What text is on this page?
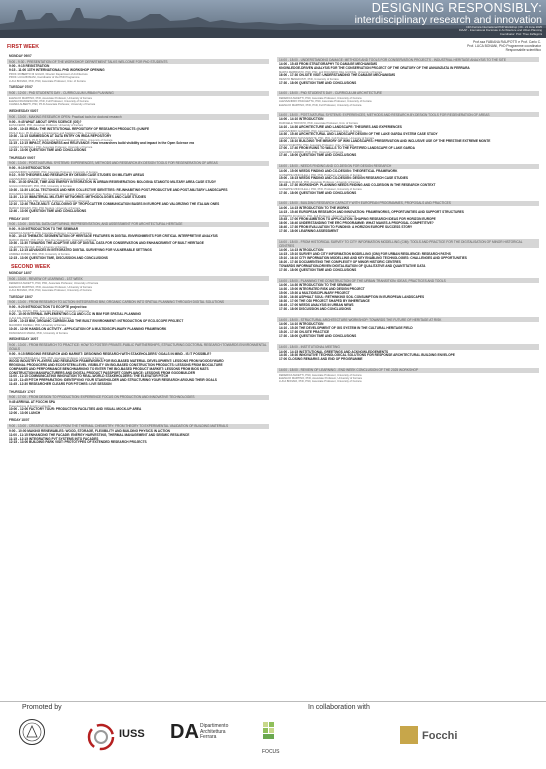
DESIGNING RESPONSIBLY:
interdisciplinary research and innovation
13th Ferrara International PhD Workshop | 09 - 21 June 2025
DIAAP - International Doctorate in Architecture and Urban Planning
Coordinator: Prof. Theo Zaffagnini
FIRST WEEK
Prof.ssa FABIANA RAUPOTTI e Prof. Carlo C.
Prof. LUCA BONANI, PhD Programme coordinator
Responsabile scientifico
MONDAY 09/07
9:00 - 9:30 - PRESENTATION OF THE WORKSHOP. DEPARTMENT TALKS WELCOME FOR PhD STUDENTS
9:00 - 9:15 REGISTRATION
9:15 - 11:00 13TH INTERNATIONAL PHD WORKSHOP OPENING
PROF. ROBERTO DI GIULIO, Director Department of Architecture
PROF. LUCA BONANI, Coordinator of the PhD Programme
LUCA BONANI, PhD, PhD, Associate Professor, Univ. of Ferrara
TUESDAY 07/07
9:00 - 12:00 - PhD STUDENTS DAY - CURRICULUM URBAN PLANNING
ELENA DI MARTINO, PhD, Associate Professor, University of Ferrara
ELENA FRANCESCONI, PhD, Full Professor, University of Ferrara
CHIARA ALBERTI, PhD, Ph.D Associate Professor, University of Ferrara
WEDNESDAY 08/07
9:00 - 13:00 - MAKING RESEARCH OPEN: Practical tools for doctoral research
9:00 - 9:45 WHAT ABOUT OPEN SCIENCE (OS)?
ELISA FERRI, PhD, Associate Professor, University of Ferrara
10:00 - 10:15 IRIDA: THE INSTITUTIONAL REPOSITORY OF RESEARCH PRODUCTS @UNIFE
PAOLO ELLI, Ph.D Library, Administration and Statistics Office, University of Ferrara
10:30 - 11:15 SUBMISSION AT DATA ENTRY ON IRIDA REPOSITORY
MARCO STURZA, Ph.D Scientific and Technical Research Office, University of Ferrara
11:15 - 12:15 IMPACT, ROUNDNESS and RELEVANCE: How researchers build visibility and impact in the Open Science era
CHIARA SCARPELLI, PhD, Associate Professor, University of Ferrara
12:15 - 13:00 QUESTION TIME AND CONCLUSIONS
THURSDAY 09/07
9:00 - 13:00 - POST-NATURAL SYSTEMS: EXPERIENCES, METHODS AND RESEARCH-BY-DESIGN TOOLS FOR REGENERATION OF AREAS
9:00 - 9:10 INTRODUCTION
ALESSANDRO GASPARI, PhD, Associate Professor, University of Ferrara
9:10 - 9:50 THEORIES AND RESEARCH BY DESIGN CASE STUDIES ON MILITARY AREAS
ALESSANDRO GASPARI, PhD, Associate Professor, University of Ferrara
9:50 - 10:30 SPACE, TIME AND ENERGY INTEGRATION IN URBAN REGENERATION: BOLOGNA STAMOTO MILITARY AREA CASE STUDY
GIULIA CORGNATI, PhD, PhD, University of Ferrara
10:30 - 11:30 LOCAL TECTONICS AND NEW COLLECTIVE IDENTITIES: RE-INHABITING POST-PRODUCTIVE AND POST-MILITARY LANDSCAPES
RICCARDO MANERI, PhD, Interuniversity Department of Regional and Urban Studies, Politecnico di Milano
11:30 - 12:10 IMMATERIAL MILITARY NETWORKS: METHODOLOGIES AND CASE STUDIES
ELENA GIROLAMI, PhD, Associate Professor, University of Ferrara
12:10 - 12:40 TRACE-MILIT: CATALOGING OF TROPOCATTER COMMUNICATION BASES IN EUROPE AND VALORIZING THE ITALIAN ONES
MARCO RAVAZZI, PhD, PhD Student, University of Ferrara
12:40 - 13:00 QUESTION TIME AND CONCLUSIONS
FRIDAY 10/07
9:00 - 13:00 - DIGITAL DATA CAPTURING, REPRESENTATION, AND ASSESSMENT FOR ARCHITECTURAL HERITAGE
9:00 - 9:30 INTRODUCTION TO THE SEMINAR
FEDERICA MAIETTI, PhD, Associate Professor, University of Ferrara
9:30 - 10:15 THEMATIC SEGMENTATION OF HERITAGE FEATURES IN DIGITAL ENVIRONMENTS FOR CRITICAL INTERPRETIVE ANALYSIS
MARCO MEDICI, PhD, Ph.D, Post-Doc Researcher, University of Ferrara
10:30 - 11:30 TOWARDS THE ADAPTIVE USE OF DIGITAL DATA FOR CONSERVATION AND ENHANCEMENT OF BUILT HERITAGE
VALENTINA ZECCHI, PhD, University of Ferrara
11:30 - 12:15 ADVANCES IN INTEGRATED DIGITAL SURVEYING FOR VULNERABLE SETTINGS
ANDREA RUSSO, PhD, PhD, University of Ferrara
12:15 - 13:00 QUESTION TIME, DISCUSSION AND CONCLUSIONS
SECOND WEEK
MONDAY 14/07
9:00 - 13:00 - REVIEW OF LEARNING - 1ST WEEK
FEDERICA MAIETTI, PhD, PhD, Associate Professor, University of Ferrara
ELENA DI MARTINO, PhD, Associate Professor, University of Ferrara
LUCA BONANI, PhD, PhD, Associate Professor, University of Ferrara
TUESDAY 15/07
9:00 - 13:00 - FROM RESEARCH TO ACTION: INTEGRATING BIM, ORGANIC CARBON INTO SPATIAL PLANNING THROUGH DIGITAL SOLUTIONS
9:00 - 9:20 INTRODUCTION TO ECOPTE project too
LUCA DAL PASTO, PhD, Associate Professor, University of Ferrara
9:20 - 10:00 INTERNAL IMPLEMENTING LCA AND LCC IN BIM FOR SPATIAL PLANNING
LUCA DAL PASTO, PhD, PhD, University of Ferrara
10:00 - 10:15 BIM, ORGANIC CARBON AND THE BUILT ENVIRONMENT: INTRODUCTION OF ECO-SCOPE PROJECT
MAURIZIO DANIELI, PhD, University of Ferrara
10:20 - 12:00 HANDS-ON ACTIVITY - APPLICATION OF A MULTIDISCIPLINARY PLANNING FRAMEWORK
FRANCESCO MARIA, PhD, University of Ferrara
WEDNESDAY 16/07
9:00 - 13:00 - FROM RESEARCH TO PRACTICE: HOW TO FOSTER PRIVATE-PUBLIC PARTNERSHIPS, STRUCTURING DOCTORAL RESEARCH TOWARDS ENVIRONMENTAL GOALS
9:00 - 9:15 BRIDGING RESEARCH AND MARKET: DESIGNING RESEARCH WITH STAKEHOLDERS' GOALS IN MIND - IS IT POSSIBLE?
GIUSEPPE MINCOLELLI, PhD, PhD, Associate Professor, University of Ferrara
WOOD INDUSTRY PLAYERS AND RESEARCH FRAMEWORKS FOR BIO-BASED MATERIAL DEVELOPMENT: LESSONS FROM WOODSYWARD
REGIONAL PRODUCERS AND ECOSYSTEM-LEVEL VISIBILITY ON BIO-BASED CONSTRUCTION PRODUCTS: LESSONS FROM BIOCULTURE
COMPANIES AND PERFORMANCE BENCHMARKING TO ENTER THE BIO-BASED PRODUCT MARKET: LESSONS FROM BIOS MATS
CONSTRUCTION MANUFACTURERS AND DIGITAL PRODUCT PASSPORT COMPLIANCE: LESSONS FROM GOODBUILDER
11:00 - 11:15 COMMUNICATING INNOVATION TO REAL-WORLD STAKEHOLDERS: THE ELEVATOR PITCH
11:15 - 11:45 PITCH PREPARATION: IDENTIFYING YOUR STAKEHOLDER AND STRUCTURING YOUR RESEARCH AROUND THEIR GOALS
11:45 - 12:30 RESEARCHER CLEARS FOR PITCHES: LIVE SESSION
THURSDAY 17/07
9:00 - 17:00 - FROM DESIGN TO PRODUCTION: EXPERIENCE FOCUS ON PRODUCTION AND INNOVATIVE TECHNOLOGIES
9:45 ARRIVAL AT FOCCHI SPA
Presentazione di Focchi in azienda
10:00 - 12:00 FACTORY TOUR: PRODUCTION FACILITIES AND VISUAL MOCK-UP AREA
12:00 - 13:00 LUNCH
FRIDAY 18/07
9:00 - 13:00 - CREATIVE BUILDING FROM THE THERMAL CHEMISTRY: FROM THEORY TO EXPERIMENTAL VALIDATION OF BUILDING MATERIALS
9:00 - 10:00 MAKING RENEWABLES: WOOD, STORAGE, FLEXIBILITY AND BUILDING PHYSICS IN ACTION
11:00 - 11:15 ENHANCING THE FACADE: ENERGY HARVESTING, THERMAL MANAGEMENT AND SEISMIC RESILIENCE
11:15 - 12:15 INTEGRATING PVT SYSTEMS INTO FACADES
12:15 - 13:00 BUILDING PARK VISIT: PROTOTYPES OF EXTENDED RESEARCH PROJECTS
14:00 - 18:00 - UNDERSTANDING DAMAGE: METHODS AND TOOLS FOR CONSERVATION PROJECTS - INDUSTRIAL HERITAGE ANALYSIS TO THE SITE
14:00 - 15:45 FROM STRATIGRAPHY TO DAMAGE MECHANISMS
KNOWLEDGE-DRIVEN ANALYSIS FOR THE CONSERVATION PROJECT OF THE ORATORY OF THE ANNUNZIATA IN FERRARA
MARTA ZERBINATO, PhD, PhD, and RICCARDO DEL GIUDICE, University of Ferrara
16:00 - 17:30 ON-SITE VISIT: UNDERSTANDING THE DAMAGE MECHANISMS
RENATO BENEDUSTI, PhD, University of Ferrara
17:30 - 18:00 QUESTION TIME AND CONCLUSIONS
14:00 - 18:00 - PhD STUDENTS DAY - CURRICULUM ARCHITECTURE
FEDERICA MAIETTI, PhD, Associate Professor, University of Ferrara
ALESSANDRO PASCHETTA, PhD, Associate Professor, University of Ferrara
ELENA DI MARTINO, PhD, PhD, Full Professor, University of Ferrara
14:00 - 18:00 - POST-NATURAL SYSTEMS: EXPERIENCES, METHODS AND RESEARCH-BY-DESIGN TOOLS FOR REGENERATION OF AREAS
14:00 - 14:10 INTRODUCTION
RAFFAELE TROVATO, PhD, Associate Professor, Univ. of Ferrara
14:10 - 14:30 ARCHITECTURE AND LANDSCAPE: THEORIES AND EXPERIENCES
ALESSANDRO GASPARI, PhD, Associate Professor, Univ. of Ferrara
14:30 - 15:40 ARCHITECTURAL AND LANDSCAPE DESIGN OF THE LAKE GARDA SYSTEM CASE STUDY
ALESSANDRO MASSARENTE, PhD, PhD, Full Professor, University of Ferrara
16:00 - 16:10 BUILDING THE MEMORY OF WWI LANDSCAPES: PRESERVATION AND INCLUSIVE USE OF THE PRESTINE EXTREME MONTE
GIULIA VICENTINI, PhD, Associate Professor, Univ. of Ferrara
17:00 - 17:40 FROM RUINS TO WALLS TO THE FORTIFIED LANDSCAPE OF LAKE GARDA
GIACOMO GIRARDI, PhD, PhD, University of Ferrara
17:40 - 18:00 QUESTION TIME AND CONCLUSIONS
14:00 - 18:00 - NEEDS FINDING AND CO-DESIGN FOR DESIGN RESEARCH
14:00 - 15:00 NEEDS FINDING AND CO-DESIGN: THEORETICAL FRAMEWORK
GIUSEPPE MINCOLELLI, PhD, PhD, Professor, University of Ferrara
15:00 - 16:15 NEEDS FINDING AND CO-DESIGN: DESIGN RESEARCH CASE STUDIES
MICHELE MARCHI, PhD, Associate Professor, University of Ferrara
16:45 - 17:30 WORKSHOP: PLANNING NEEDS FINDING AND CO-DESIGN IN THE RESEARCH CONTEXT
GIUSEPPE MINCOLELLI, PhD, PhD, Professor, University of Ferrara
17:30 - 18:00 QUESTION TIME AND CONCLUSIONS
14:00 - 18:00 - BUILDING RESEARCH CAPACITY WITH EUROPEAN PROGRAMMES, PROPOSALS AND PRACTICES
14:00 - 14:15 INTRODUCTION TO THE WORKS
14:15 - 15:40 EUROPEAN RESEARCH AND INNOVATION: FRAMEWORKS, OPPORTUNITIES AND SUPPORT STRUCTURES
ROBERTO DI GIULIO, PhD, Full Professor, University of Ferrara
15:45 - 17:00 FROM AMBITION TO APPLICATION: SHAPING RESEARCH IDEAS FOR HORIZON EUROPE
16:00 - 16:40 UNDERSTANDING THE ERC PROGRAMME: WHAT MAKES A PROPOSAL COMPETITIVE?
16:40 - 17:30 FROM EVALUATION TO FUNDING: A HORIZON EUROPE SUCCESS STORY
17:30 - 18:00 LEARNING ASSESSMENT
14:00 - 18:00 - FROM HISTORICAL SURVEY TO CITY INFORMATION MODELLING (CIM): TOOLS AND PRACTICE FOR THE DIGITALISATION OF MINOR HISTORICAL CENTRES
14:00 - 14:15 INTRODUCTION
14:15 - 15:10 SURVEY AND CITY INFORMATION MODELLING (CIM) FOR URBAN RESILIENCE: RESEARCH PATHS
15:10 - 16:10 CITY INFORMATION MODELLING AND KEY ENABLING TECHNOLOGIES: CHALLENGES AND OPPORTUNITIES
16:20 - 17:30 DOCUMENTING THE COMPLEXITY OF MINOR HISTORIC CENTRES
TOWARDS INFORMATION-DRIVEN DIGITALISATION OF QUALITATIVE AND QUANTITATIVE DATA
17:30 - 18:00 QUESTION TIME AND CONCLUSIONS
14:00 - 18:00 - PLANNING THE CONSTRUCTION OF THE URBAN TRANSITION: IDEAS, PRACTICES AND TOOLS
14:00 - 14:30 INTRODUCTION TO THE SEMINAR
14:30 - 15:00 INTEGRATED RISK AND DESIGN PROJECT
15:00 - 15:30 A MULTIDISCIPLINARY PROJECT
15:30 - 16:30 ASPHALT SOUL: RETHINKING SOIL CONSUMPTION IN EUROPEAN LANDSCAPES
16:30 - 17:00 THE ODI PROJECT SHAPED BY INHERITANCE
16:45 - 17:00 NEEDS ANALYSIS IN URBAN NEWS
17:30 - 18:00 DISCUSSION AND CONCLUSIONS
14:00 - 18:00 - STRUCTURAL ARCHITECTURE WORKSHOP: TOWARDS THE FUTURE OF HERITAGE AT RISK
14:00 - 14:10 INTRODUCTION
14:10 - 15:20 THE DEVELOPMENT OF GIS SYSTEM IN THE CULTURAL HERITAGE FIELD
15:20 - 17:30 ON-SITE PRACTICE
17:30 - 18:00 QUESTION TIME AND CONCLUSIONS
14:00 - 18:00 - INSTITUTIONAL MEETING
14:00 - 14:15 INSTITUTIONAL GREETINGS AND ACKNOWLEDGEMENTS
14:30 - 16:30 INNOVATIVE TECHNOLOGICAL SOLUTIONS FOR RESPONSE ARCHITECTURAL BUILDING ENVELOPE
17:00 CLOSING REMARKS AND END OF PROGRAMME
14:00 - 18:00 - REVIEW OF LEARNING - END WEEK CONCLUSION OF THE 2025 WORKSHOP
FEDERICA MAIETTI, PhD, Associate Professor, University of Ferrara
ELENA DI MARTINO, PhD, Associate Professor, University of Ferrara
LUCA BONANI, PhD, PhD, Associate Professor, University of Ferrara
Promoted by	In collaboration with
IUSS DA Dipartimento
Architettura
Ferrara
FOCUS
Focchi
